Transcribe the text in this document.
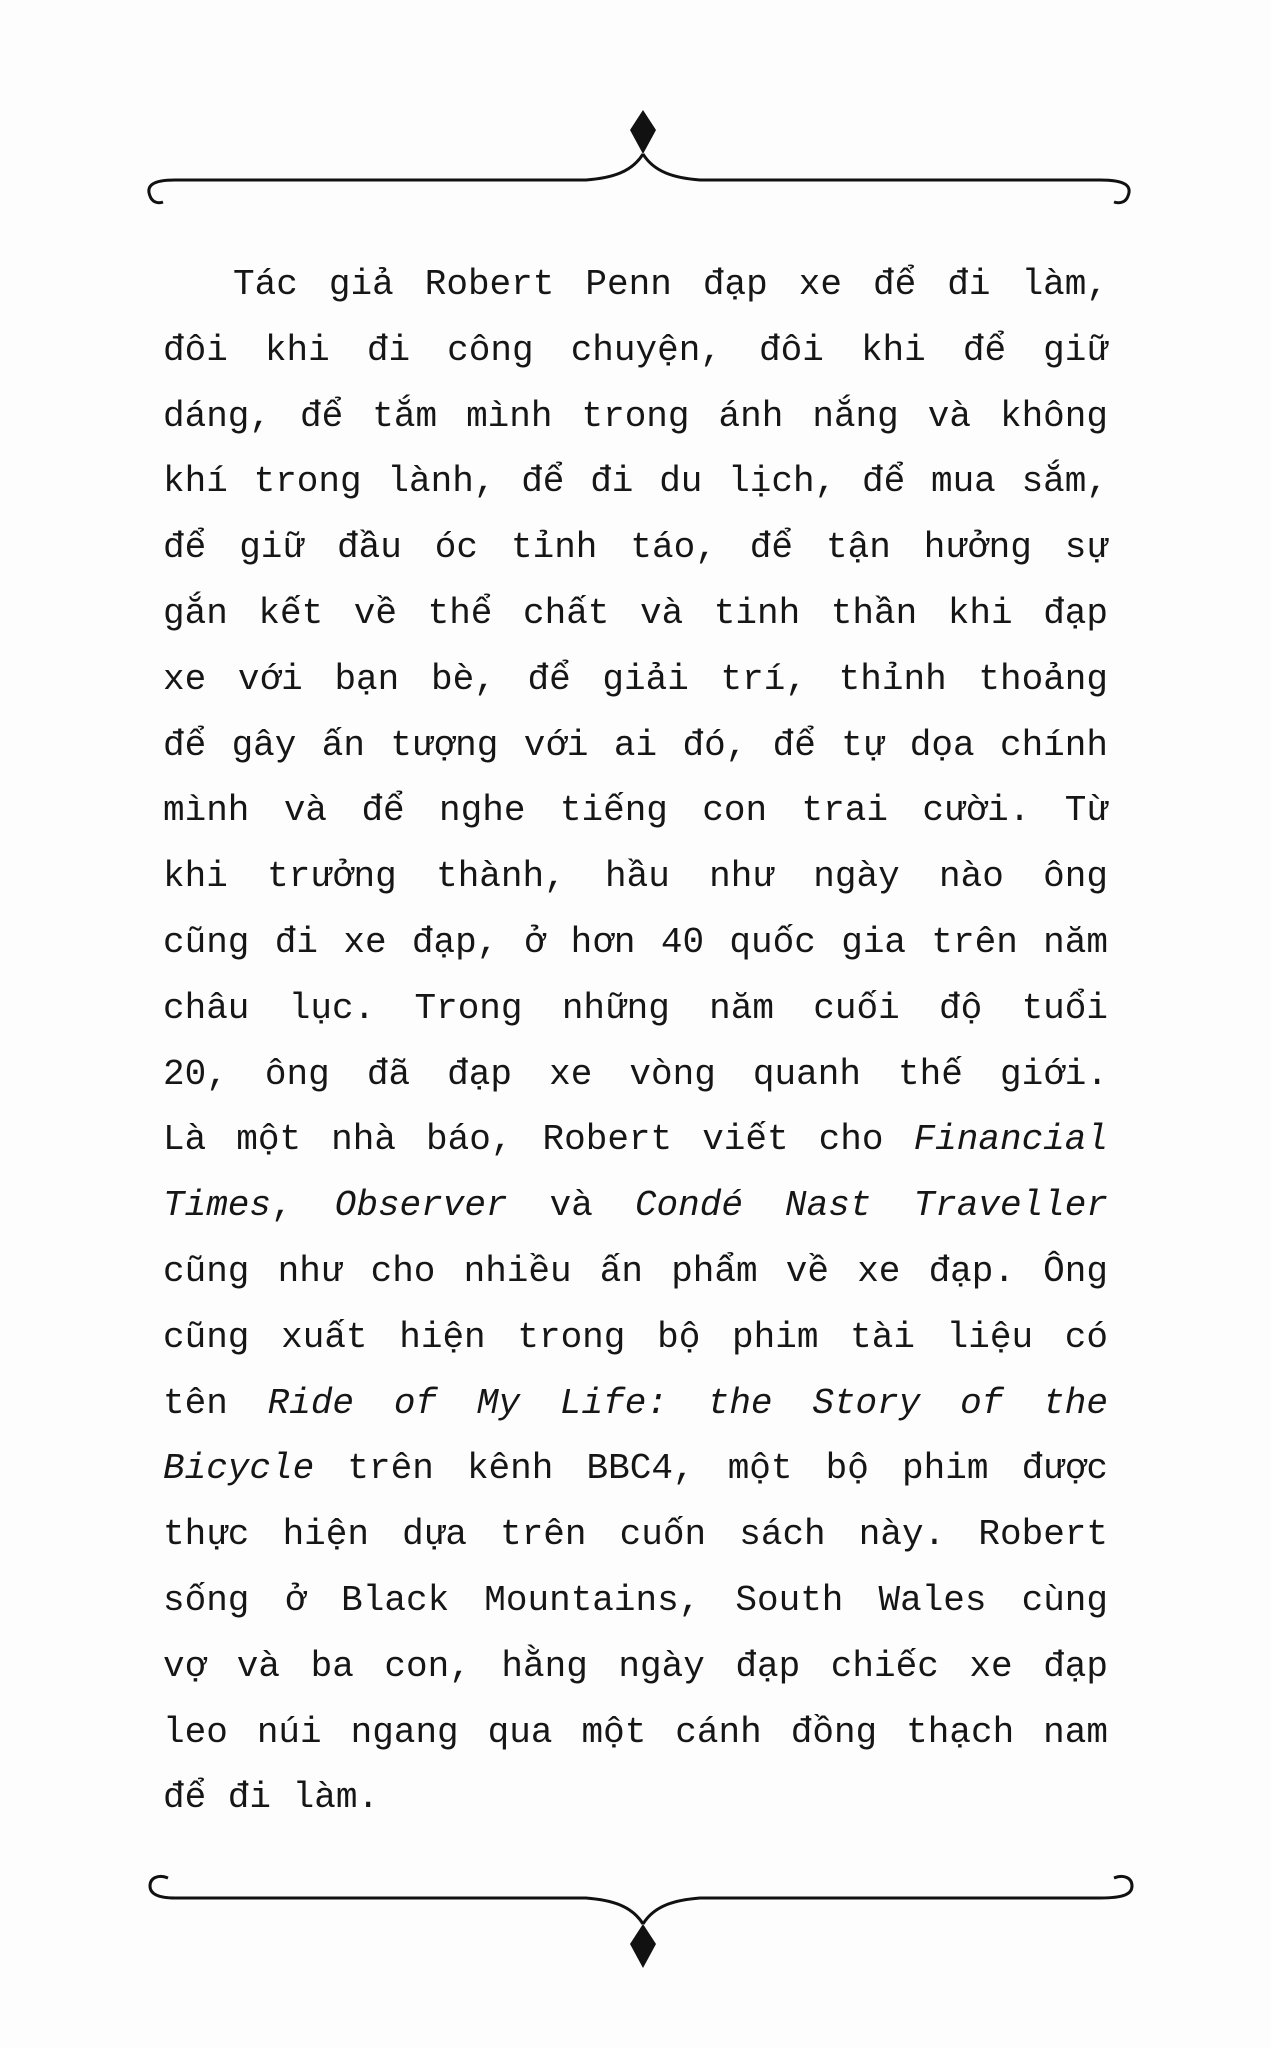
Tác giả Robert Penn đạp xe để đi làm,
đôi khi đi công chuyện, đôi khi để giữ
dáng, để tắm mình trong ánh nắng và không
khí trong lành, để đi du lịch, để mua sắm,
để giữ đầu óc tỉnh táo, để tận hưởng sự
gắn kết về thể chất và tinh thần khi đạp
xe với bạn bè, để giải trí, thỉnh thoảng
để gây ấn tượng với ai đó, để tự dọa chính
mình và để nghe tiếng con trai cười. Từ
khi trưởng thành, hầu như ngày nào ông
cũng đi xe đạp, ở hơn 40 quốc gia trên năm
châu lục. Trong những năm cuối độ tuổi
20, ông đã đạp xe vòng quanh thế giới.
Là một nhà báo, Robert viết cho Financial
Times, Observer và Condé Nast Traveller
cũng như cho nhiều ấn phẩm về xe đạp. Ông
cũng xuất hiện trong bộ phim tài liệu có
tên Ride of My Life: the Story of the
Bicycle trên kênh BBC4, một bộ phim được
thực hiện dựa trên cuốn sách này. Robert
sống ở Black Mountains, South Wales cùng
vợ và ba con, hằng ngày đạp chiếc xe đạp
leo núi ngang qua một cánh đồng thạch nam
để đi làm.
